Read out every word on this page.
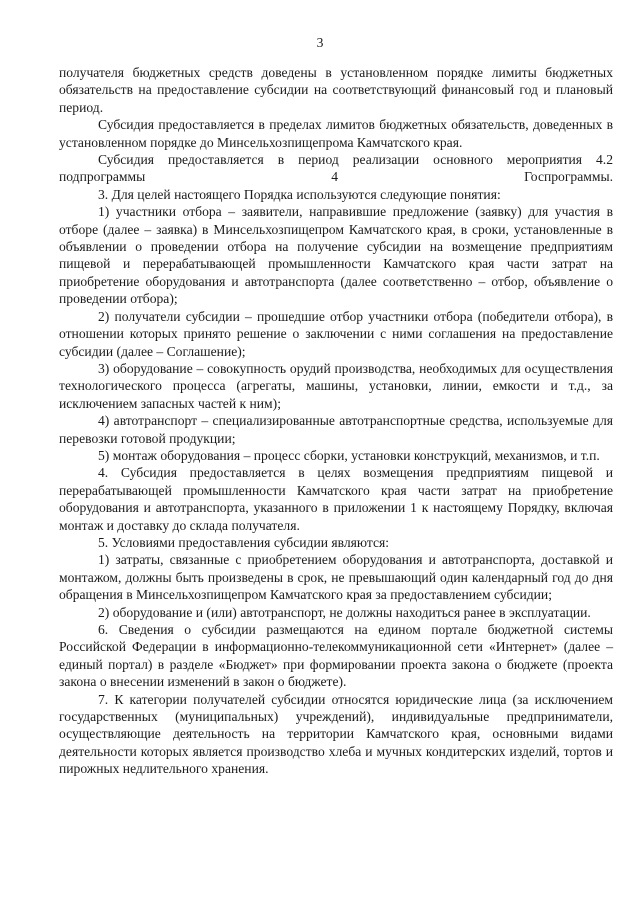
3

получателя бюджетных средств доведены в установленном порядке лимиты бюджетных обязательств на предоставление субсидии на соответствующий финансовый год и плановый период.

Субсидия предоставляется в пределах лимитов бюджетных обязательств, доведенных в установленном порядке до Минсельхозпищепрома Камчатского края.

Субсидия предоставляется в период реализации основного мероприятия 4.2 подпрограммы 4 Госпрограммы.

3. Для целей настоящего Порядка используются следующие понятия:

1) участники отбора – заявители, направившие предложение (заявку) для участия в отборе (далее – заявка) в Минсельхозпищепром Камчатского края, в сроки, установленные в объявлении о проведении отбора на получение субсидии на возмещение предприятиям пищевой и перерабатывающей промышленности Камчатского края части затрат на приобретение оборудования и автотранспорта (далее соответственно – отбор, объявление о проведении отбора);

2) получатели субсидии – прошедшие отбор участники отбора (победители отбора), в отношении которых принято решение о заключении с ними соглашения на предоставление субсидии (далее – Соглашение);

3) оборудование – совокупность орудий производства, необходимых для осуществления технологического процесса (агрегаты, машины, установки, линии, емкости и т.д., за исключением запасных частей к ним);

4) автотранспорт – специализированные автотранспортные средства, используемые для перевозки готовой продукции;

5) монтаж оборудования – процесс сборки, установки конструкций, механизмов, и т.п.

4. Субсидия предоставляется в целях возмещения предприятиям пищевой и перерабатывающей промышленности Камчатского края части затрат на приобретение оборудования и автотранспорта, указанного в приложении 1 к настоящему Порядку, включая монтаж и доставку до склада получателя.

5. Условиями предоставления субсидии являются:

1) затраты, связанные с приобретением оборудования и автотранспорта, доставкой и монтажом, должны быть произведены в срок, не превышающий один календарный год до дня обращения в Минсельхозпищепром Камчатского края за предоставлением субсидии;

2) оборудование и (или) автотранспорт, не должны находиться ранее в эксплуатации.

6. Сведения о субсидии размещаются на едином портале бюджетной системы Российской Федерации в информационно-телекоммуникационной сети «Интернет» (далее – единый портал) в разделе «Бюджет» при формировании проекта закона о бюджете (проекта закона о внесении изменений в закон о бюджете).

7. К категории получателей субсидии относятся юридические лица (за исключением государственных (муниципальных) учреждений), индивидуальные предприниматели, осуществляющие деятельность на территории Камчатского края, основными видами деятельности которых является производство хлеба и мучных кондитерских изделий, тортов и пирожных недлительного хранения.
